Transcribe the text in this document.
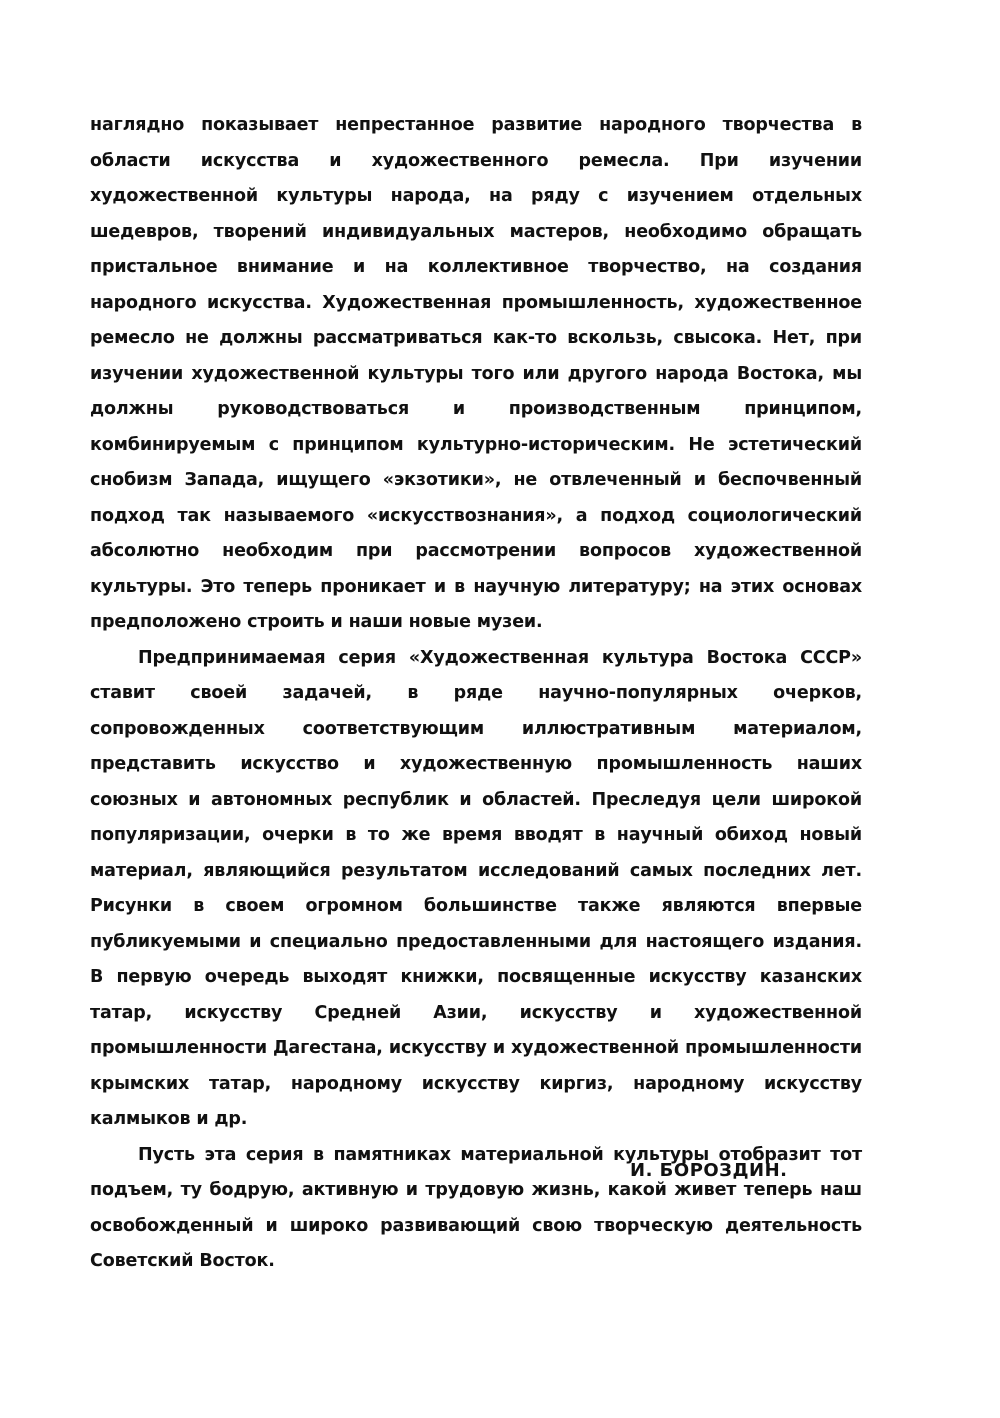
наглядно показывает непрестанное развитие народного творчества в области искусства и художественного ремесла. При изучении художественной культуры народа, на ряду с изучением отдельных шедевров, творений индивидуальных мастеров, необходимо обращать пристальное внимание и на коллективное творчество, на создания народного искусства. Художественная промышленность, художественное ремесло не должны рассматриваться как-то вскользь, свысока. Нет, при изучении художественной культуры того или другого народа Востока, мы должны руководствоваться и производственным принципом, комбинируемым с принципом культурно-историческим. Не эстетический снобизм Запада, ищущего «экзотики», не отвлеченный и беспочвенный подход так называемого «искусствознания», а подход социологический абсолютно необходим при рассмотрении вопросов художественной культуры. Это теперь проникает и в научную литературу; на этих основах предположено строить и наши новые музеи.

Предпринимаемая серия «Художественная культура Востока СССР» ставит своей задачей, в ряде научно-популярных очерков, сопровожденных соответствующим иллюстративным материалом, представить искусство и художественную промышленность наших союзных и автономных республик и областей. Преследуя цели широкой популяризации, очерки в то же время вводят в научный обиход новый материал, являющийся результатом исследований самых последних лет. Рисунки в своем огромном большинстве также являются впервые публикуемыми и специально предоставленными для настоящего издания. В первую очередь выходят книжки, посвященные искусству казанских татар, искусству Средней Азии, искусству и художественной промышленности Дагестана, искусству и художественной промышленности крымских татар, народному искусству киргиз, народному искусству калмыков и др.

Пусть эта серия в памятниках материальной культуры отобразит тот подъем, ту бодрую, активную и трудовую жизнь, какой живет теперь наш освобожденный и широко развивающий свою творческую деятельность Советский Восток.

И. БОРОЗДИН.
